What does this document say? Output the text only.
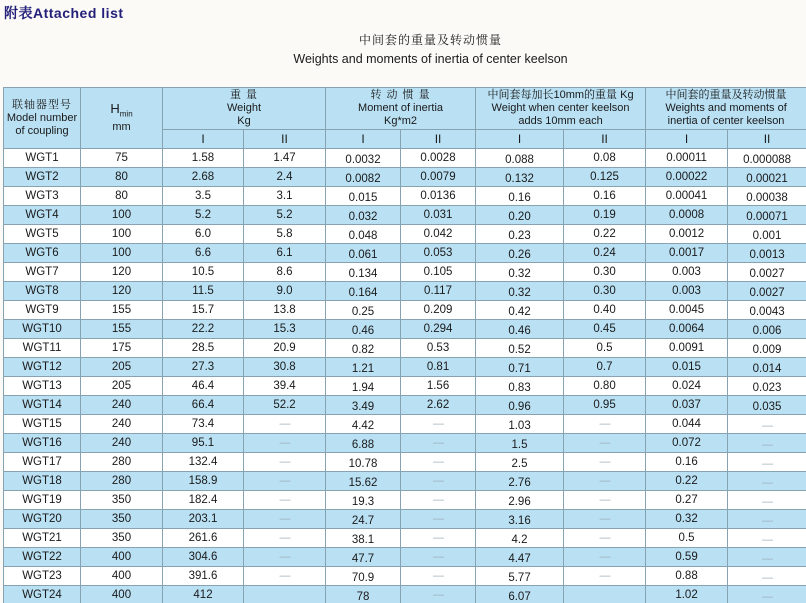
附表Attached list
中间套的重量及转动惯量
Weights and moments of inertia of center keelson
联轴器型号
Model number
of coupling

$H_{min}$
mm

重 量
Weight
Kg

转 动 惯 量
Moment of inertia
Kg*m2

中间套每加长10mm的重量 Kg
Weight when center keelson
adds 10mm each

中间套的重量及转动惯量
Weights and moments of
inertia of center keelson

		I	II	I	II	I	II	I	II
WGT1	75	1.58	1.47	0.0032	0.0028	0.088	0.08	0.00011	0.000088
WGT2	80	2.68	2.4	0.0082	0.0079	0.132	0.125	0.00022	0.00021
WGT3	80	3.5	3.1	0.015	0.0136	0.16	0.16	0.00041	0.00038
WGT4	100	5.2	5.2	0.032	0.031	0.20	0.19	0.0008	0.00071
WGT5	100	6.0	5.8	0.048	0.042	0.23	0.22	0.0012	0.001
WGT6	100	6.6	6.1	0.061	0.053	0.26	0.24	0.0017	0.0013
WGT7	120	10.5	8.6	0.134	0.105	0.32	0.30	0.003	0.0027
WGT8	120	11.5	9.0	0.164	0.117	0.32	0.30	0.003	0.0027
WGT9	155	15.7	13.8	0.25	0.209	0.42	0.40	0.0045	0.0043
WGT10	155	22.2	15.3	0.46	0.294	0.46	0.45	0.0064	0.006
WGT11	175	28.5	20.9	0.82	0.53	0.52	0.5	0.0091	0.009
WGT12	205	27.3	30.8	1.21	0.81	0.71	0.7	0.015	0.014
WGT13	205	46.4	39.4	1.94	1.56	0.83	0.80	0.024	0.023
WGT14	240	66.4	52.2	3.49	2.62	0.96	0.95	0.037	0.035
WGT15	240	73.4	—	4.42	—	1.03	—	0.044	—
WGT16	240	95.1	—	6.88	—	1.5	—	0.072	—
WGT17	280	132.4	—	10.78	—	2.5	—	0.16	—
WGT18	280	158.9	—	15.62	—	2.76	—	0.22	—
WGT19	350	182.4	—	19.3	—	2.96	—	0.27	—
WGT20	350	203.1	—	24.7	—	3.16	—	0.32	—
WGT21	350	261.6	—	38.1	—	4.2	—	0.5	—
WGT22	400	304.6	—	47.7	—	4.47	—	0.59	—
WGT23	400	391.6	—	70.9	—	5.77	—	0.88	—
WGT24	400	412		78	—	6.07		1.02	—
